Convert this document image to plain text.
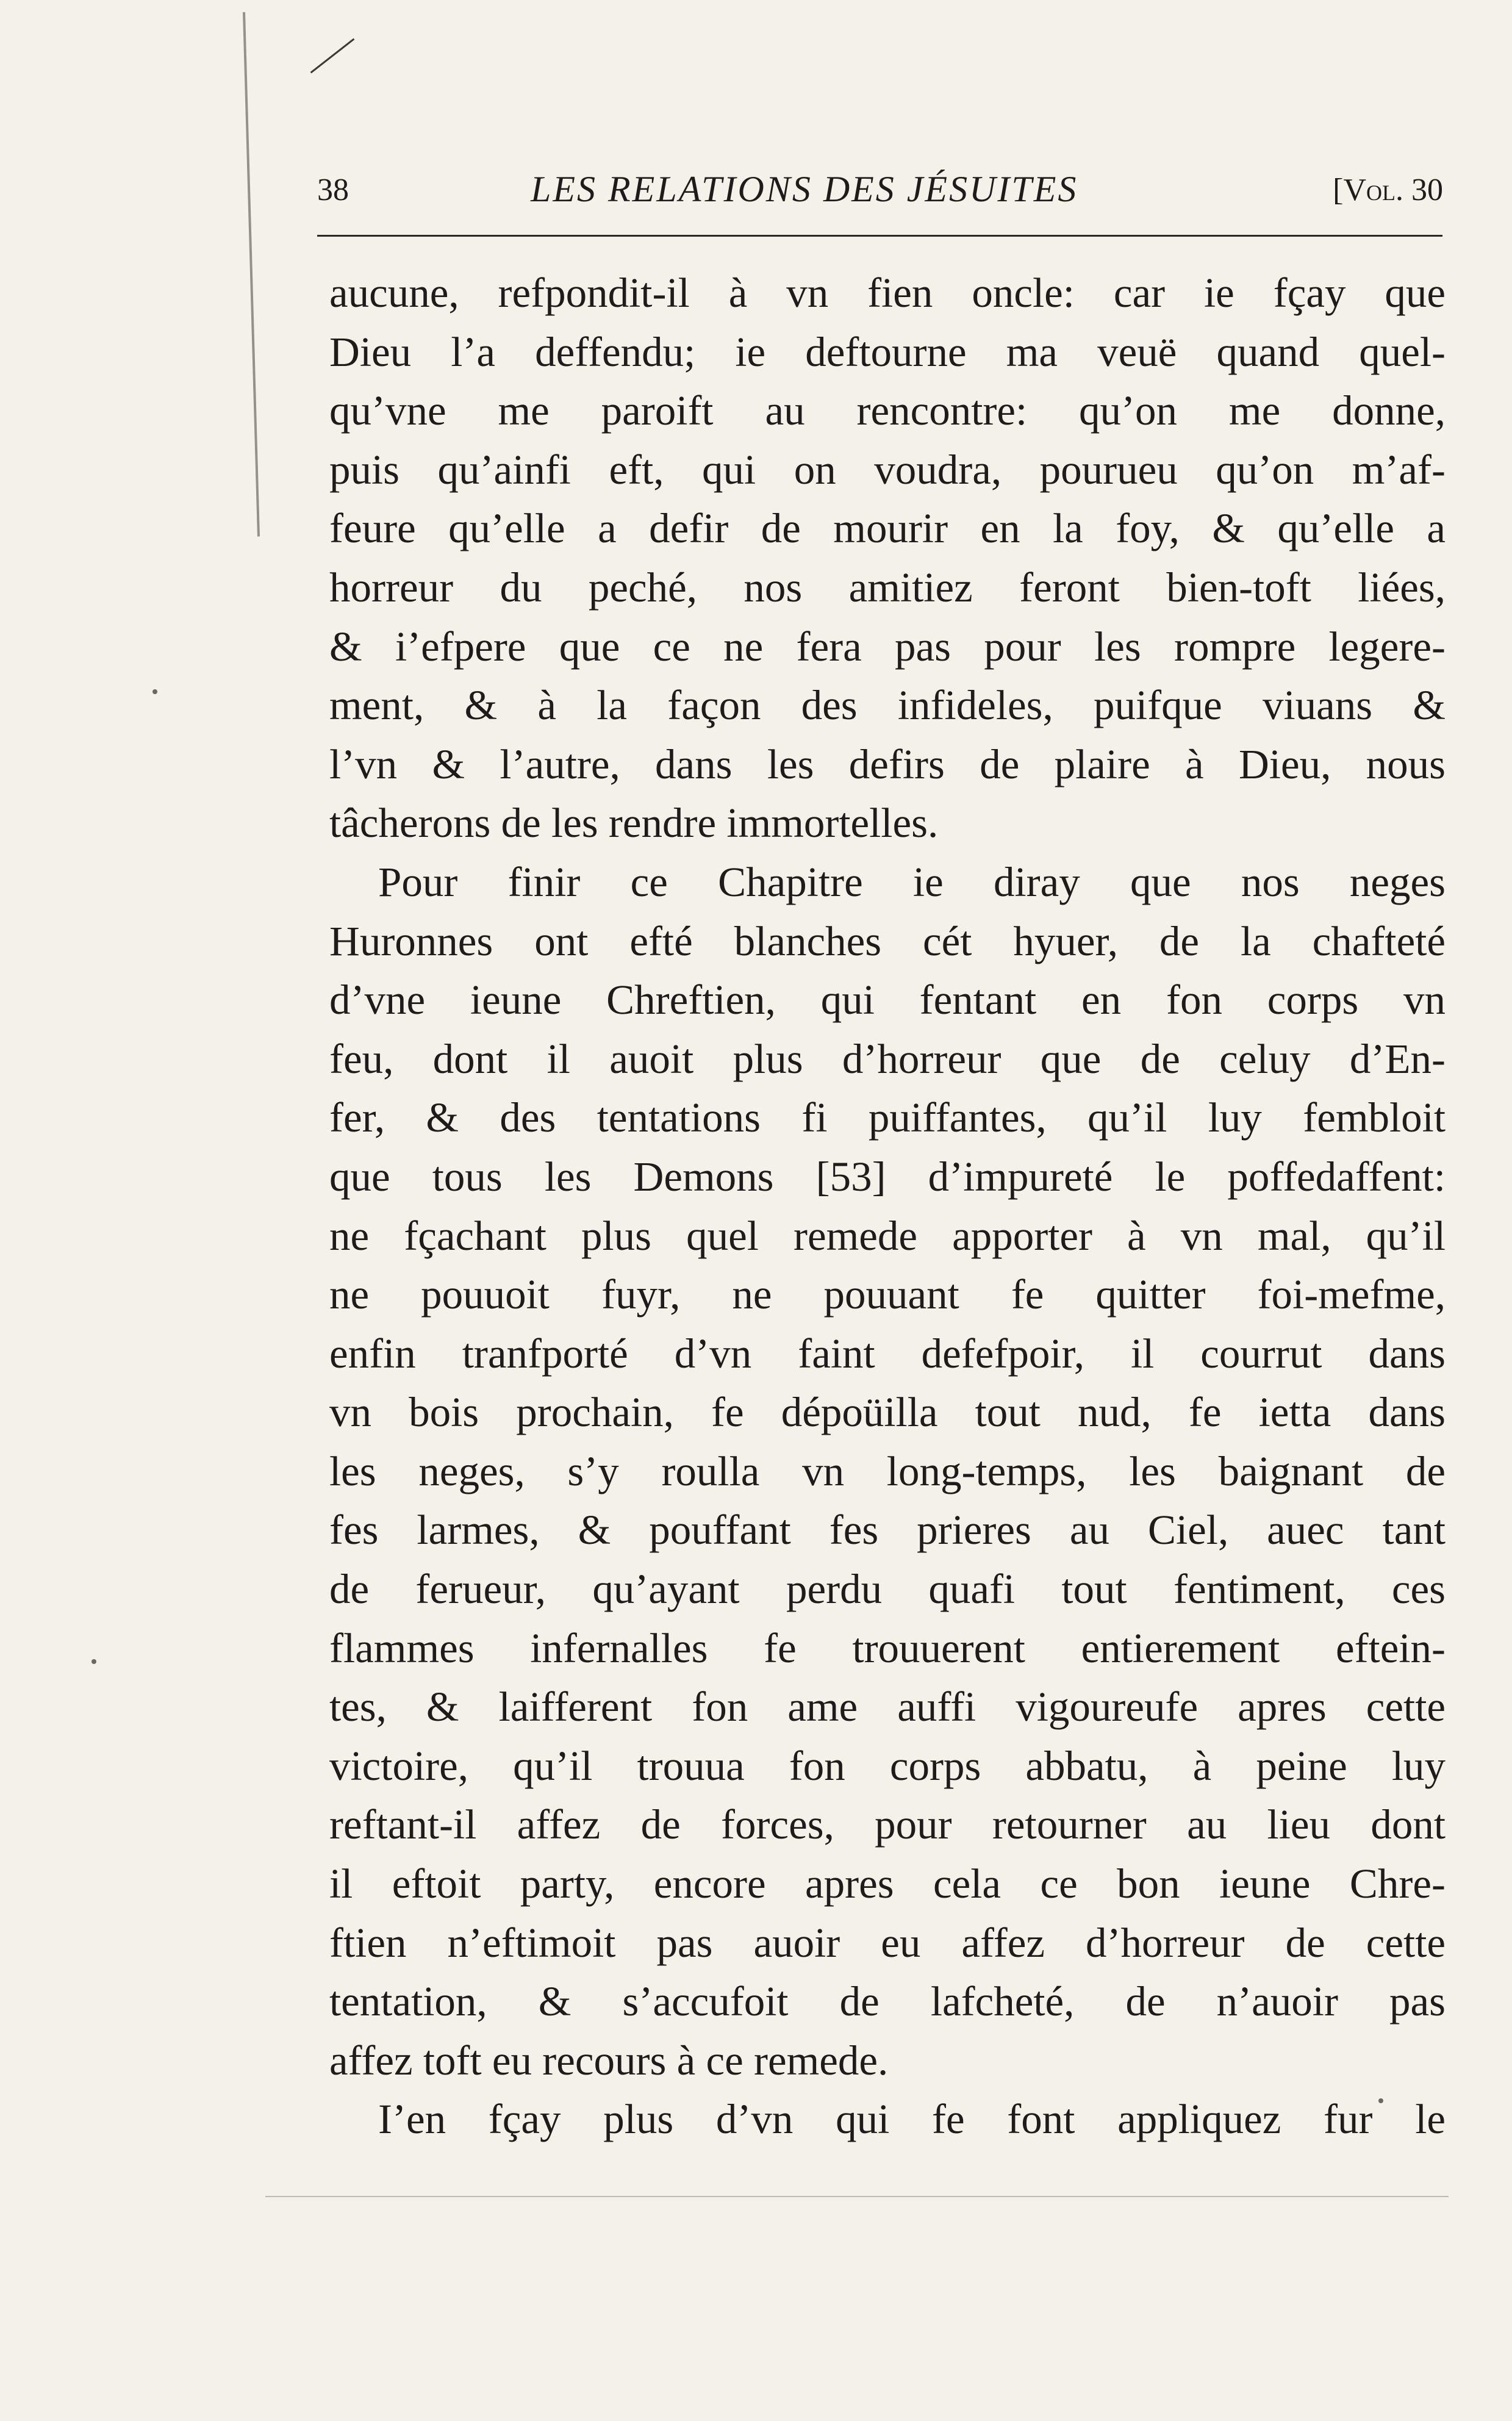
38	LES RELATIONS DES JÉSUITES	[Vol. 30
aucune, refpondit-il à vn fien oncle: car ie fçay que
Dieu l’a deffendu; ie deftourne ma veuë quand quel-
qu’vne me paroift au rencontre: qu’on me donne,
puis qu’ainfi eft, qui on voudra, pourueu qu’on m’af-
feure qu’elle a defir de mourir en la foy, & qu’elle a
horreur du peché, nos amitiez feront bien-toft liées,
& i’efpere que ce ne fera pas pour les rompre legere-
ment, & à la façon des infideles, puifque viuans &
l’vn & l’autre, dans les defirs de plaire à Dieu, nous
tâcherons de les rendre immortelles.
Pour finir ce Chapitre ie diray que nos neges
Huronnes ont efté blanches cét hyuer, de la chafteté
d’vne ieune Chreftien, qui fentant en fon corps vn
feu, dont il auoit plus d’horreur que de celuy d’En-
fer, & des tentations fi puiffantes, qu’il luy fembloit
que tous les Demons [53] d’impureté le poffedaffent:
ne fçachant plus quel remede apporter à vn mal, qu’il
ne pouuoit fuyr, ne pouuant fe quitter foi-mefme,
enfin tranfporté d’vn faint defefpoir, il courrut dans
vn bois prochain, fe dépoüilla tout nud, fe ietta dans
les neges, s’y roulla vn long-temps, les baignant de
fes larmes, & pouffant fes prieres au Ciel, auec tant
de ferueur, qu’ayant perdu quafi tout fentiment, ces
flammes infernalles fe trouuerent entierement eftein-
tes, & laifferent fon ame auffi vigoureufe apres cette
victoire, qu’il trouua fon corps abbatu, à peine luy
reftant-il affez de forces, pour retourner au lieu dont
il eftoit party, encore apres cela ce bon ieune Chre-
ftien n’eftimoit pas auoir eu affez d’horreur de cette
tentation, & s’accufoit de lafcheté, de n’auoir pas
affez toft eu recours à ce remede.
I’en fçay plus d’vn qui fe font appliquez fur le
